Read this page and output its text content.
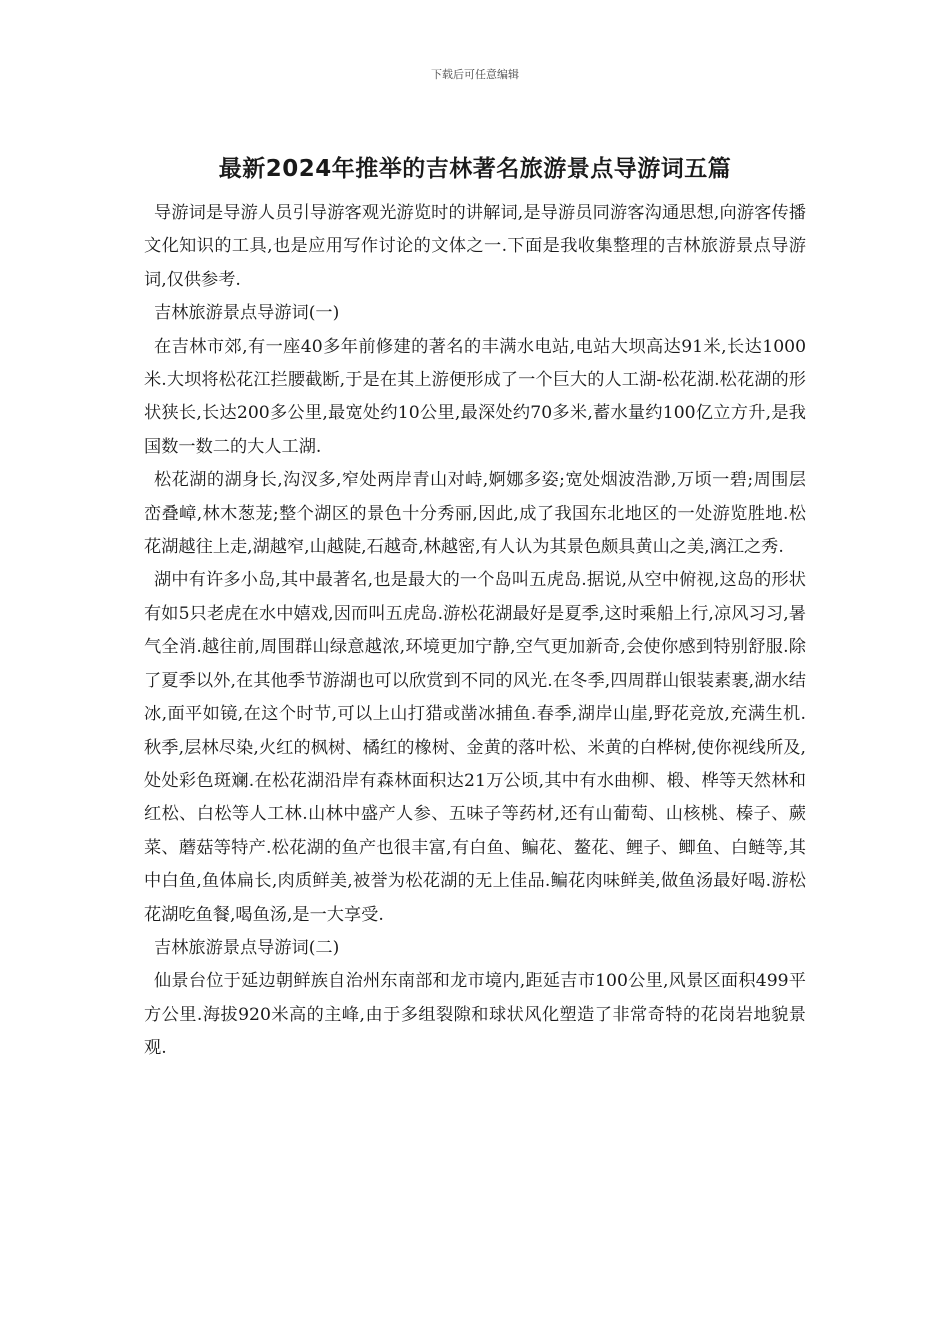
下载后可任意编辑
最新2024年推举的吉林著名旅游景点导游词五篇

导游词是导游人员引导游客观光游览时的讲解词,是导游员同游客沟通思想,向游客传播文化知识的工具,也是应用写作讨论的文体之一.下面是我收集整理的吉林旅游景点导游词,仅供参考.

吉林旅游景点导游词(一)

在吉林市郊,有一座40多年前修建的著名的丰满水电站,电站大坝高达91米,长达1000米.大坝将松花江拦腰截断,于是在其上游便形成了一个巨大的人工湖-松花湖.松花湖的形状狭长,长达200多公里,最宽处约10公里,最深处约70多米,蓄水量约100亿立方升,是我国数一数二的大人工湖.

松花湖的湖身长,沟汊多,窄处两岸青山对峙,婀娜多姿;宽处烟波浩渺,万顷一碧;周围层峦叠嶂,林木葱茏;整个湖区的景色十分秀丽,因此,成了我国东北地区的一处游览胜地.松花湖越往上走,湖越窄,山越陡,石越奇,林越密,有人认为其景色颇具黄山之美,漓江之秀.

湖中有许多小岛,其中最著名,也是最大的一个岛叫五虎岛.据说,从空中俯视,这岛的形状有如5只老虎在水中嬉戏,因而叫五虎岛.游松花湖最好是夏季,这时乘船上行,凉风习习,暑气全消.越往前,周围群山绿意越浓,环境更加宁静,空气更加新奇,会使你感到特别舒服.除了夏季以外,在其他季节游湖也可以欣赏到不同的风光.在冬季,四周群山银装素裹,湖水结冰,面平如镜,在这个时节,可以上山打猎或凿冰捕鱼.春季,湖岸山崖,野花竞放,充满生机.秋季,层林尽染,火红的枫树、橘红的橡树、金黄的落叶松、米黄的白桦树,使你视线所及,处处彩色斑斓.在松花湖沿岸有森林面积达21万公顷,其中有水曲柳、椴、桦等天然林和红松、白松等人工林.山林中盛产人参、五味子等药材,还有山葡萄、山核桃、榛子、蕨菜、蘑菇等特产.松花湖的鱼产也很丰富,有白鱼、鳊花、鳌花、鲤子、鲫鱼、白鲢等,其中白鱼,鱼体扁长,肉质鲜美,被誉为松花湖的无上佳品.鳊花肉味鲜美,做鱼汤最好喝.游松花湖吃鱼餐,喝鱼汤,是一大享受.

吉林旅游景点导游词(二)

仙景台位于延边朝鲜族自治州东南部和龙市境内,距延吉市100公里,风景区面积499平方公里.海拔920米高的主峰,由于多组裂隙和球状风化塑造了非常奇特的花岗岩地貌景观.
